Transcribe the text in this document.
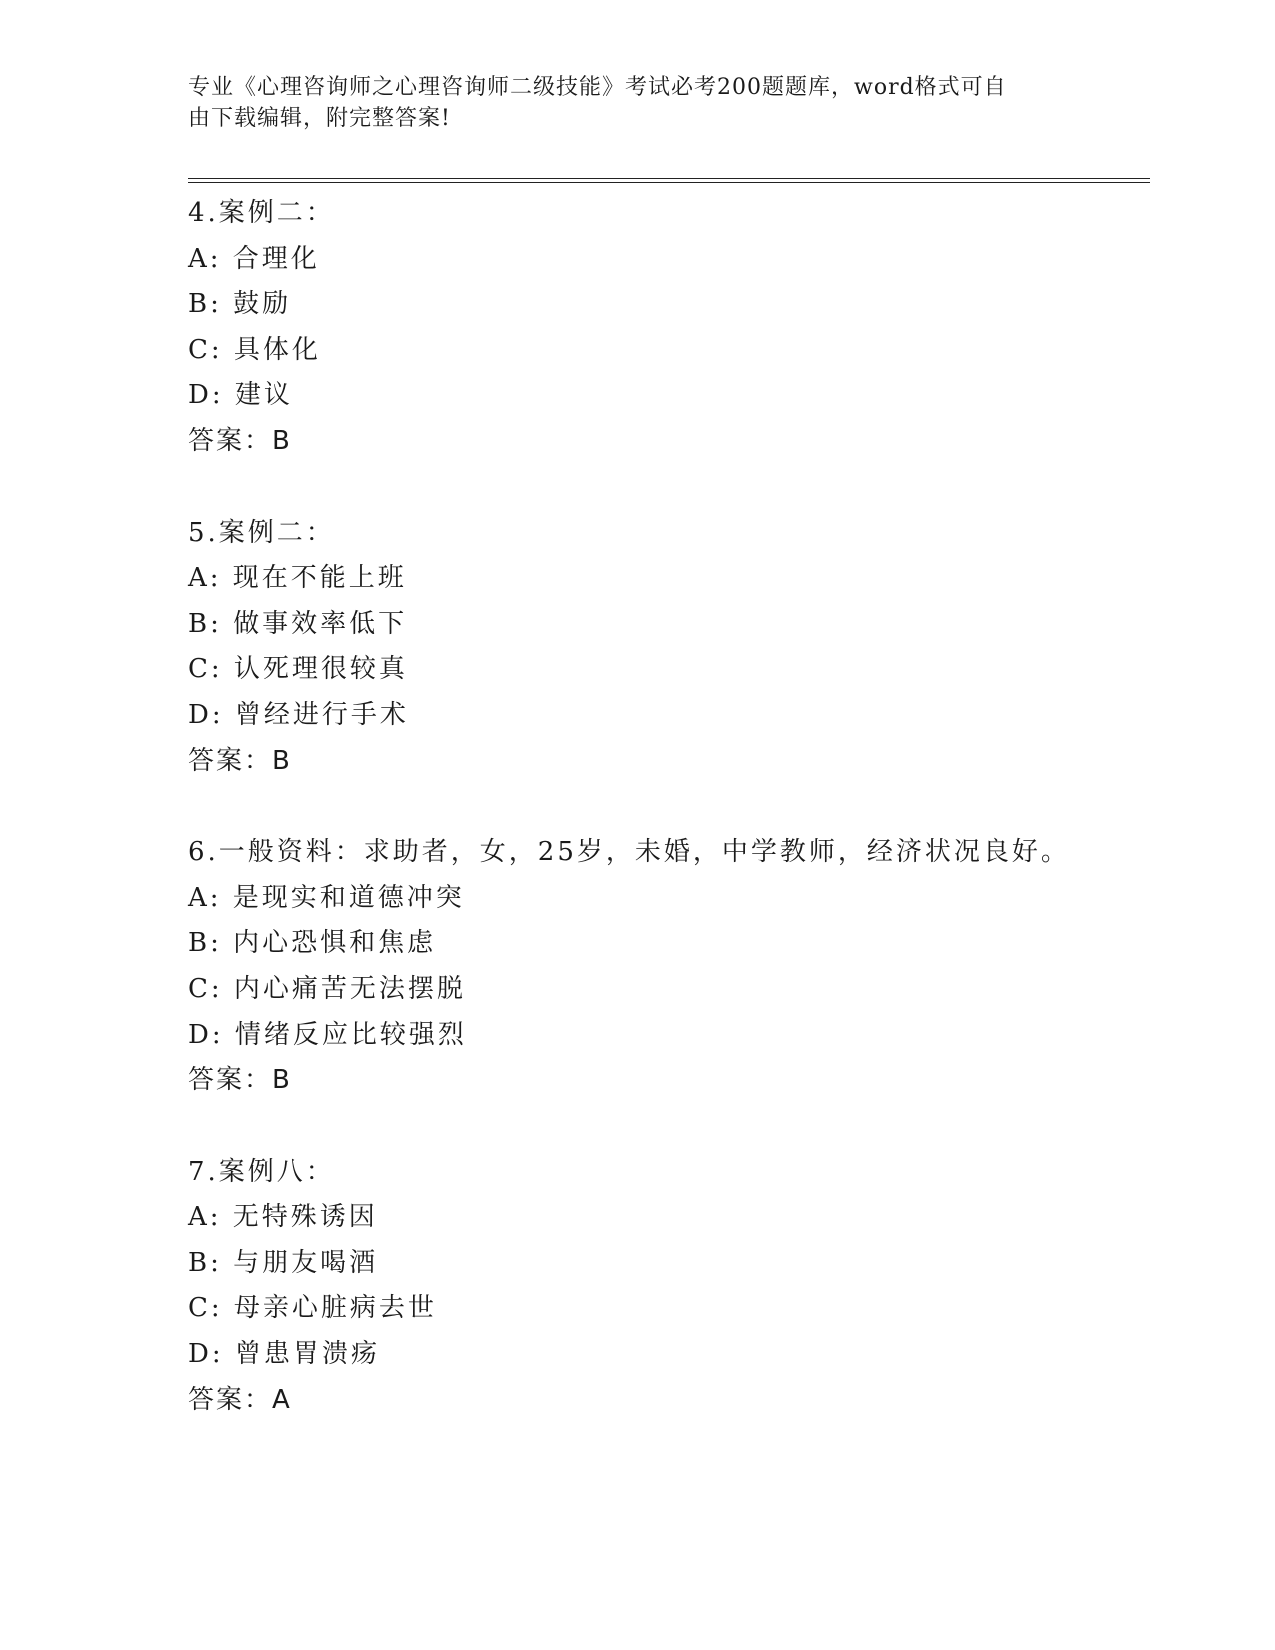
专业《心理咨询师之心理咨询师二级技能》考试必考200题题库，word格式可自
由下载编辑，附完整答案!
4.案例二：
A: 合理化
B: 鼓励
C: 具体化
D: 建议
答案：B
5.案例二：
A: 现在不能上班
B: 做事效率低下
C: 认死理很较真
D: 曾经进行手术
答案：B
6.一般资料：求助者，女，25岁，未婚，中学教师，经济状况良好。
A: 是现实和道德冲突
B: 内心恐惧和焦虑
C: 内心痛苦无法摆脱
D: 情绪反应比较强烈
答案：B
7.案例八：
A: 无特殊诱因
B: 与朋友喝酒
C: 母亲心脏病去世
D: 曾患胃溃疡
答案：A
